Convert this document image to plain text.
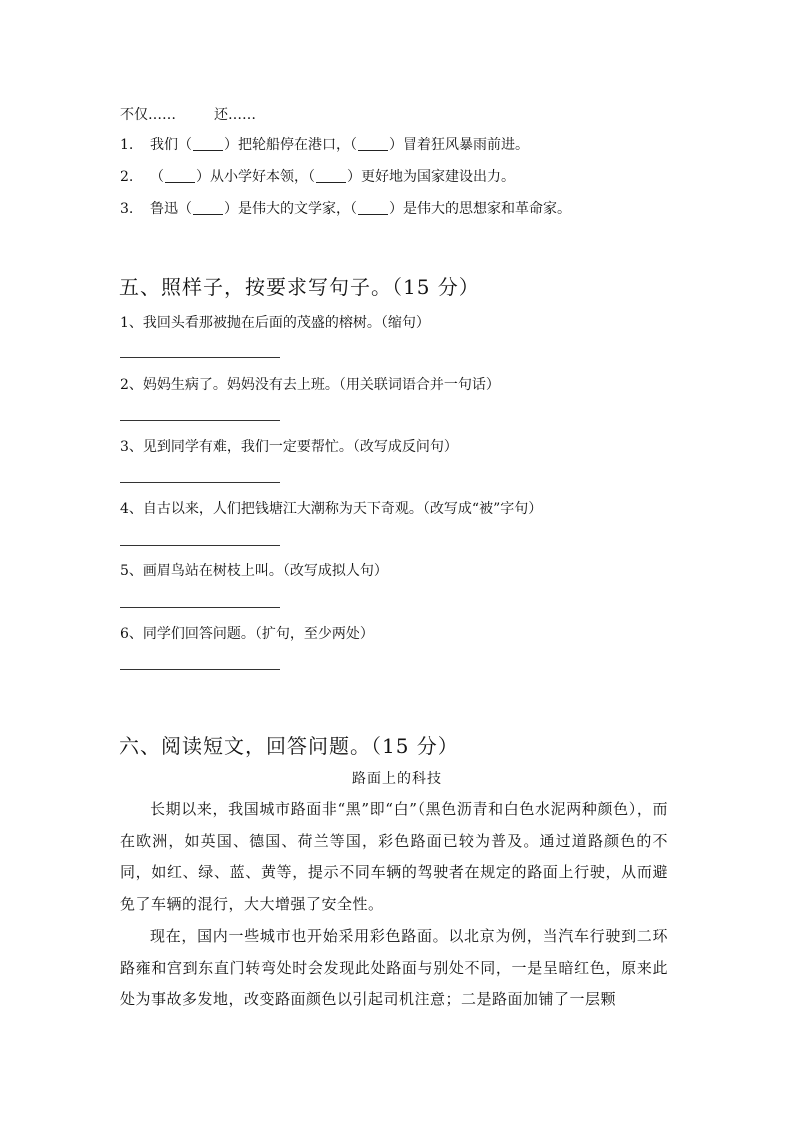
不仅……	还……
1. 我们（ ）把轮船停在港口，（ ）冒着狂风暴雨前进。
2. （ ）从小学好本领，（ ）更好地为国家建设出力。
3. 鲁迅（ ）是伟大的文学家，（ ）是伟大的思想家和革命家。
五、照样子，按要求写句子。（15 分）
1、我回头看那被抛在后面的茂盛的榕树。（缩句）
2、妈妈生病了。妈妈没有去上班。（用关联词语合并一句话）
3、见到同学有难，我们一定要帮忙。（改写成反问句）
4、自古以来，人们把钱塘江大潮称为天下奇观。（改写成“被”字句）
5、画眉鸟站在树枝上叫。（改写成拟人句）
6、同学们回答问题。（扩句，至少两处）
六、阅读短文，回答问题。（15 分）
路面上的科技
长期以来，我国城市路面非“黑”即“白”（黑色沥青和白色水泥两种颜色），而在欧洲，如英国、德国、荷兰等国，彩色路面已较为普及。通过道路颜色的不同，如红、绿、蓝、黄等，提示不同车辆的驾驶者在规定的路面上行驶，从而避免了车辆的混行，大大增强了安全性。
现在，国内一些城市也开始采用彩色路面。以北京为例，当汽车行驶到二环路雍和宫到东直门转弯处时会发现此处路面与别处不同，一是呈暗红色，原来此处为事故多发地，改变路面颜色以引起司机注意；二是路面加铺了一层颗
